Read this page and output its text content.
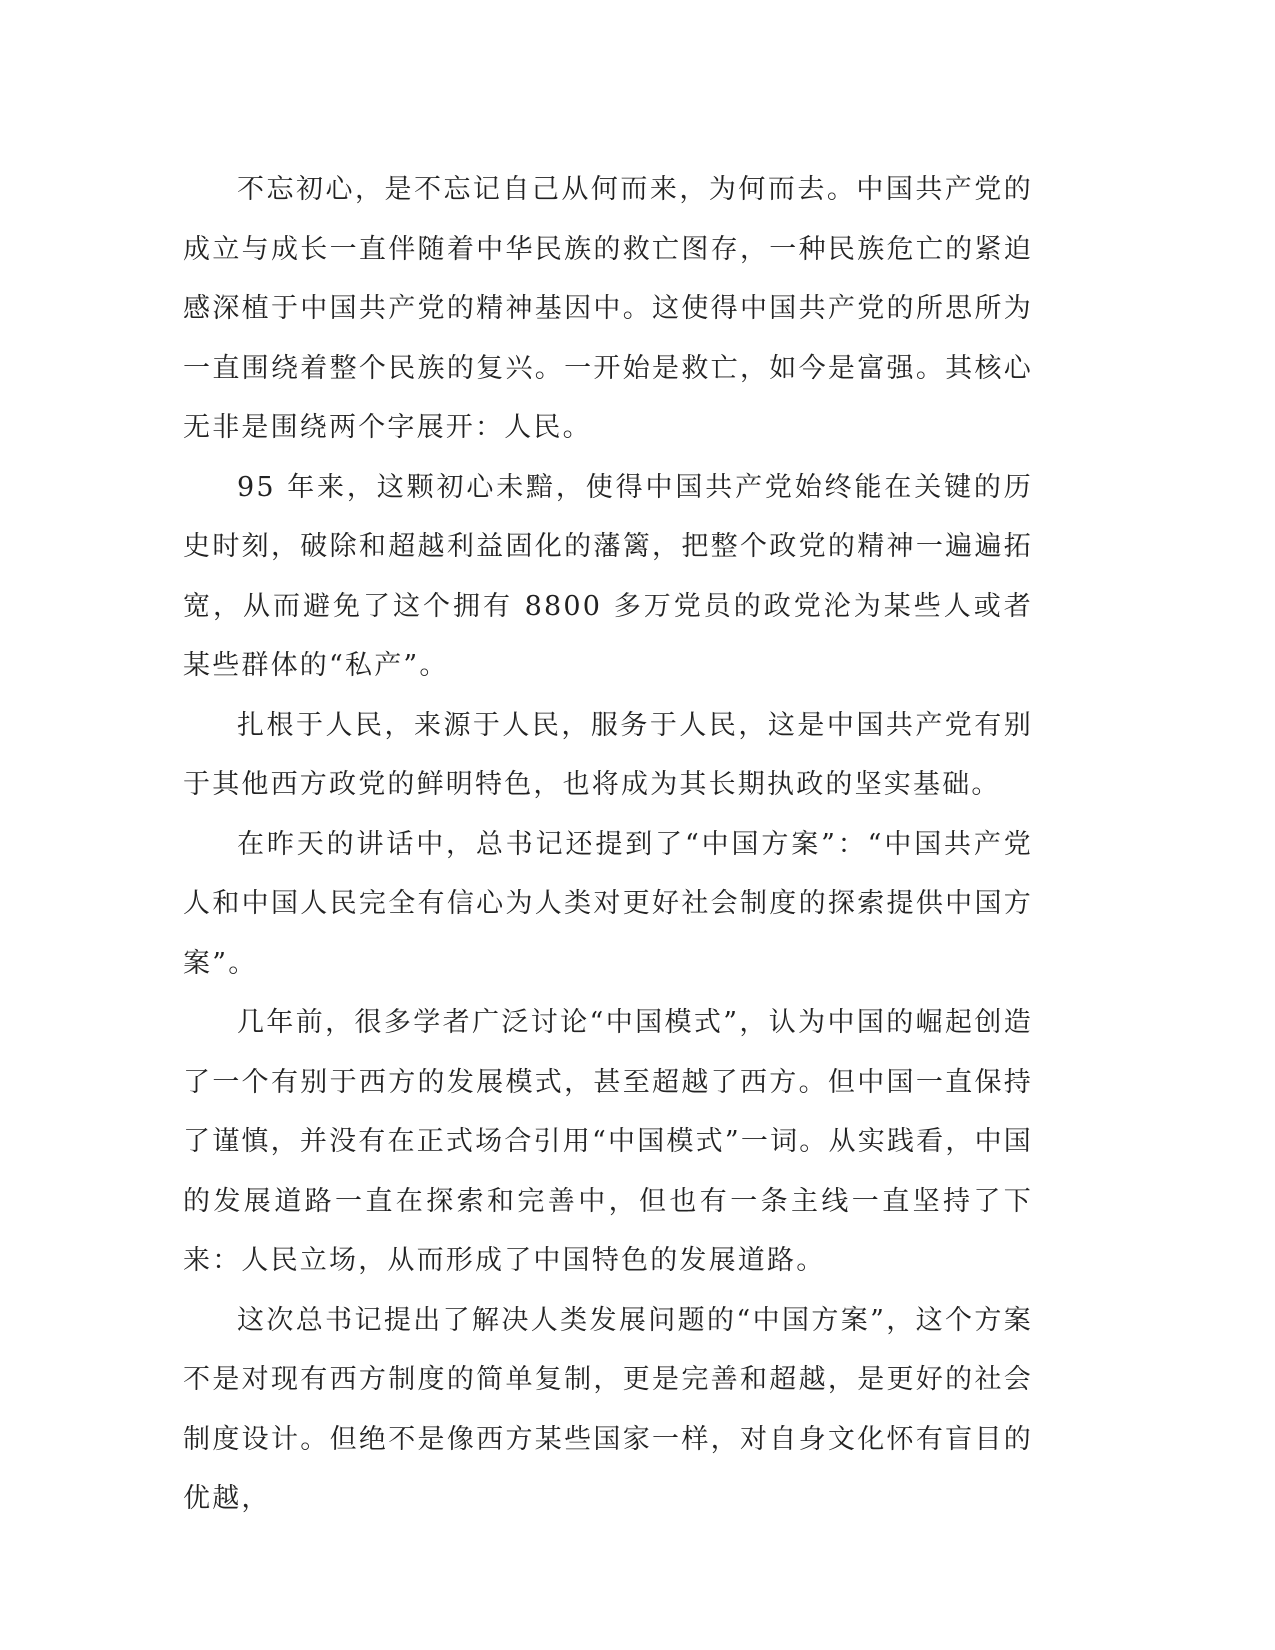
不忘初心，是不忘记自己从何而来，为何而去。中国共产党的成立与成长一直伴随着中华民族的救亡图存，一种民族危亡的紧迫感深植于中国共产党的精神基因中。这使得中国共产党的所思所为一直围绕着整个民族的复兴。一开始是救亡，如今是富强。其核心无非是围绕两个字展开：人民。

95 年来，这颗初心未黯，使得中国共产党始终能在关键的历史时刻，破除和超越利益固化的藩篱，把整个政党的精神一遍遍拓宽，从而避免了这个拥有 8800 多万党员的政党沦为某些人或者某些群体的“私产”。

扎根于人民，来源于人民，服务于人民，这是中国共产党有别于其他西方政党的鲜明特色，也将成为其长期执政的坚实基础。

在昨天的讲话中，总书记还提到了“中国方案”：“中国共产党人和中国人民完全有信心为人类对更好社会制度的探索提供中国方案”。

几年前，很多学者广泛讨论“中国模式”，认为中国的崛起创造了一个有别于西方的发展模式，甚至超越了西方。但中国一直保持了谨慎，并没有在正式场合引用“中国模式”一词。从实践看，中国的发展道路一直在探索和完善中，但也有一条主线一直坚持了下来：人民立场，从而形成了中国特色的发展道路。

这次总书记提出了解决人类发展问题的“中国方案”，这个方案不是对现有西方制度的简单复制，更是完善和超越，是更好的社会制度设计。但绝不是像西方某些国家一样，对自身文化怀有盲目的优越，
